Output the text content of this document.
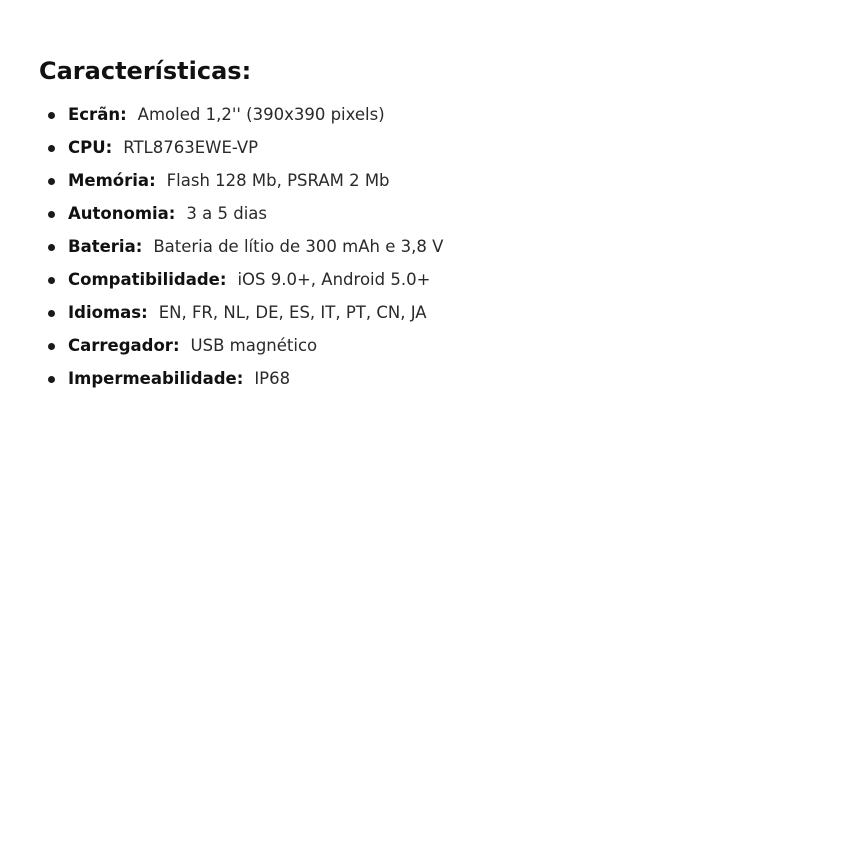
Características:
Ecrãn:  Amoled 1,2'' (390x390 pixels)
CPU:  RTL8763EWE-VP
Memória:  Flash 128 Mb, PSRAM 2 Mb
Autonomia:  3 a 5 dias
Bateria:  Bateria de lítio de 300 mAh e 3,8 V
Compatibilidade:  iOS 9.0+, Android 5.0+
Idiomas:  EN, FR, NL, DE, ES, IT, PT, CN, JA
Carregador:  USB magnético
Impermeabilidade:  IP68
